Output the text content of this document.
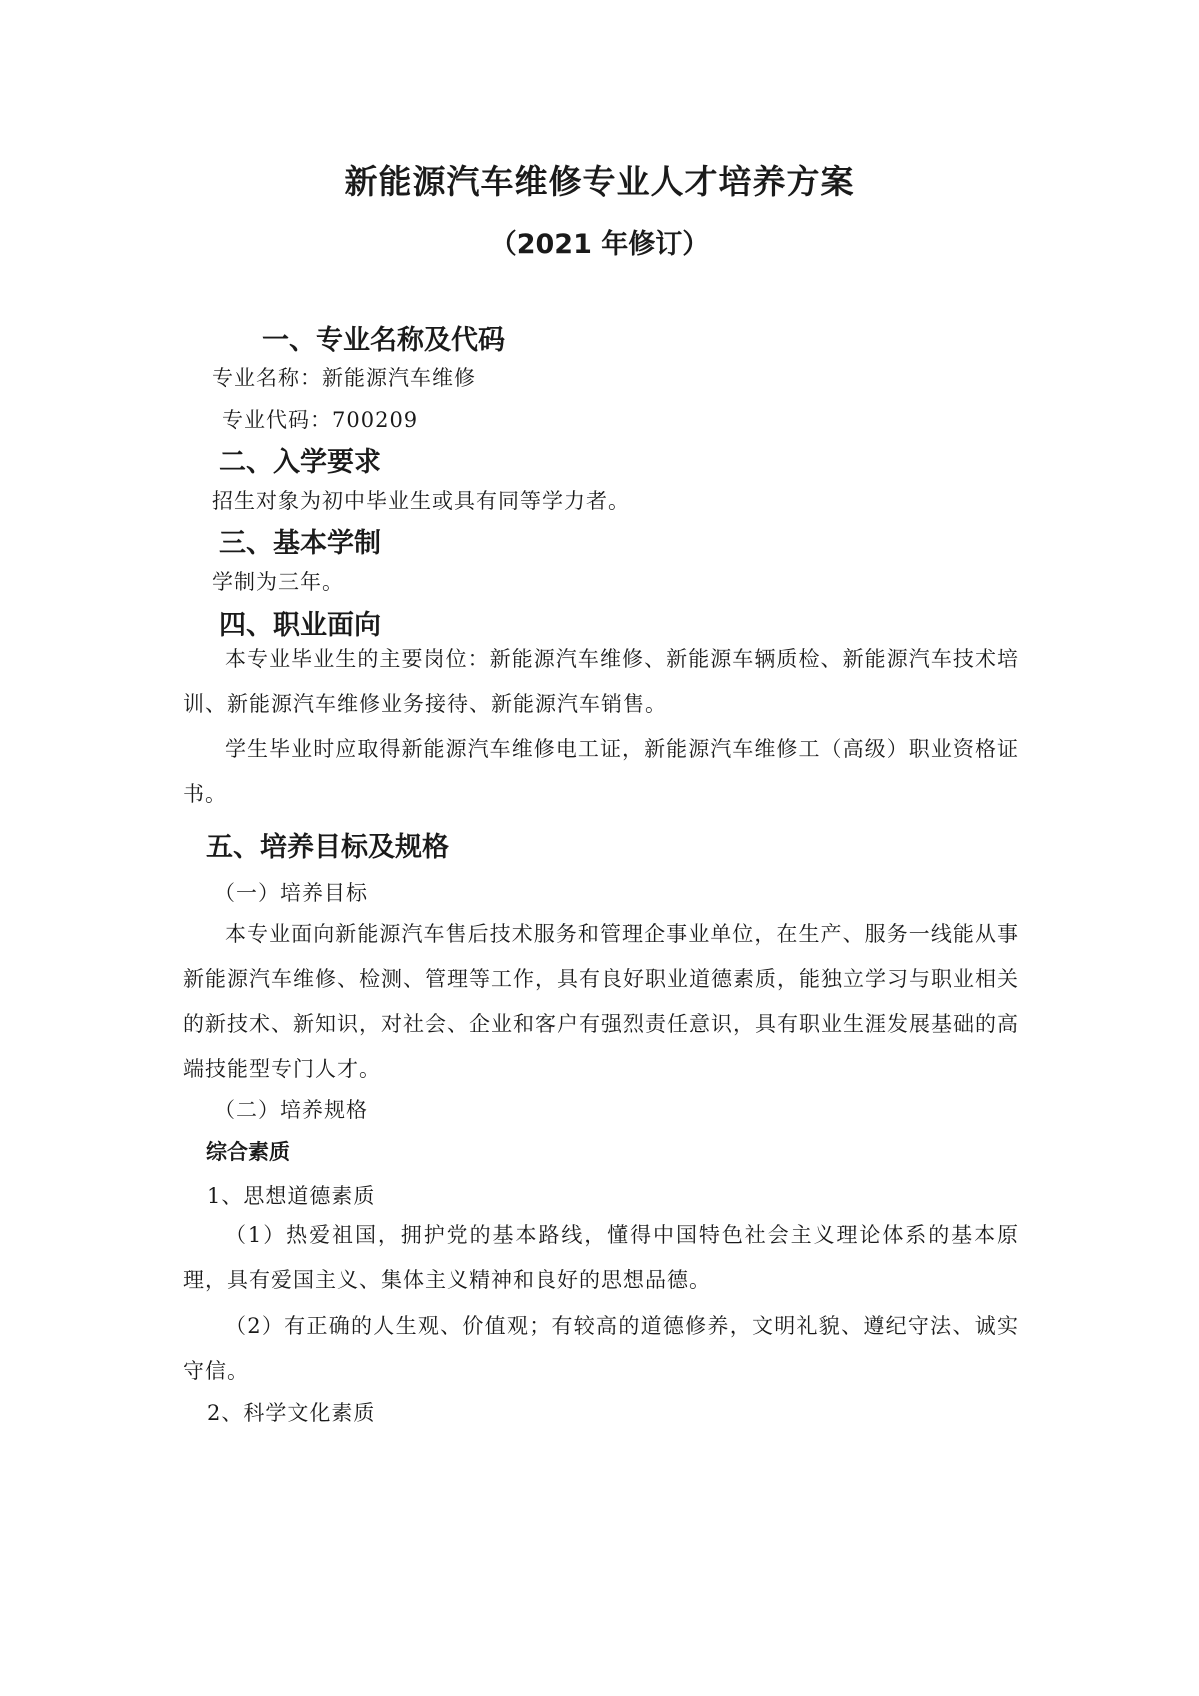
新能源汽车维修专业人才培养方案
（2021 年修订）
一、专业名称及代码
专业名称：新能源汽车维修
专业代码：700209
二、入学要求
招生对象为初中毕业生或具有同等学力者。
三、基本学制
学制为三年。
四、职业面向

本专业毕业生的主要岗位：新能源汽车维修、新能源车辆质检、新能源汽车技术培训、新能源汽车维修业务接待、新能源汽车销售。

学生毕业时应取得新能源汽车维修电工证，新能源汽车维修工（高级）职业资格证书。

五、培养目标及规格
（一）培养目标

本专业面向新能源汽车售后技术服务和管理企事业单位，在生产、服务一线能从事新能源汽车维修、检测、管理等工作，具有良好职业道德素质，能独立学习与职业相关的新技术、新知识，对社会、企业和客户有强烈责任意识，具有职业生涯发展基础的高端技能型专门人才。

（二）培养规格
综合素质
1、思想道德素质

（1）热爱祖国，拥护党的基本路线，懂得中国特色社会主义理论体系的基本原理，具有爱国主义、集体主义精神和良好的思想品德。

（2）有正确的人生观、价值观；有较高的道德修养，文明礼貌、遵纪守法、诚实守信。

2、科学文化素质
